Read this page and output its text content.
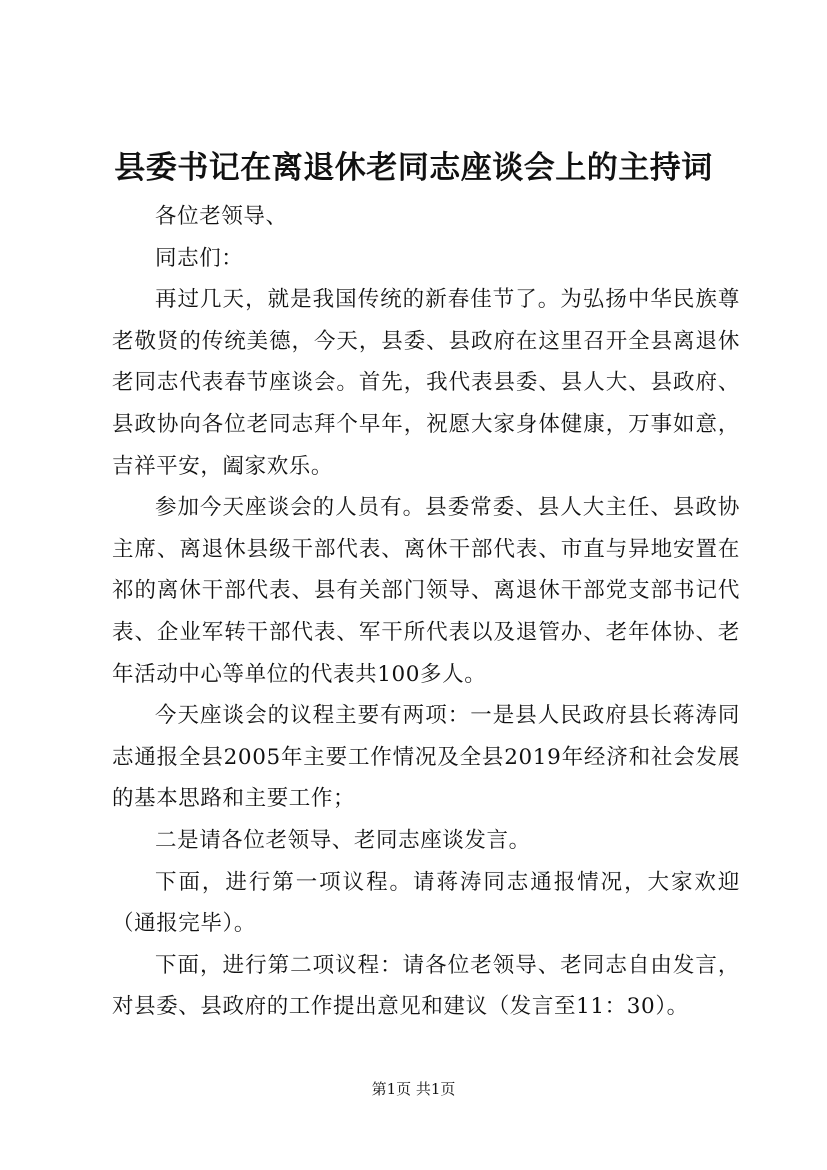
县委书记在离退休老同志座谈会上的主持词

各位老领导、

同志们：

再过几天，就是我国传统的新春佳节了。为弘扬中华民族尊老敬贤的传统美德，今天，县委、县政府在这里召开全县离退休老同志代表春节座谈会。首先，我代表县委、县人大、县政府、县政协向各位老同志拜个早年，祝愿大家身体健康，万事如意，吉祥平安，阖家欢乐。

参加今天座谈会的人员有。县委常委、县人大主任、县政协主席、离退休县级干部代表、离休干部代表、市直与异地安置在祁的离休干部代表、县有关部门领导、离退休干部党支部书记代表、企业军转干部代表、军干所代表以及退管办、老年体协、老年活动中心等单位的代表共100多人。

今天座谈会的议程主要有两项：一是县人民政府县长蒋涛同志通报全县2005年主要工作情况及全县2019年经济和社会发展的基本思路和主要工作；

二是请各位老领导、老同志座谈发言。

下面，进行第一项议程。请蒋涛同志通报情况，大家欢迎（通报完毕）。

下面，进行第二项议程：请各位老领导、老同志自由发言，对县委、县政府的工作提出意见和建议（发言至11：30）。

第1页 共1页
